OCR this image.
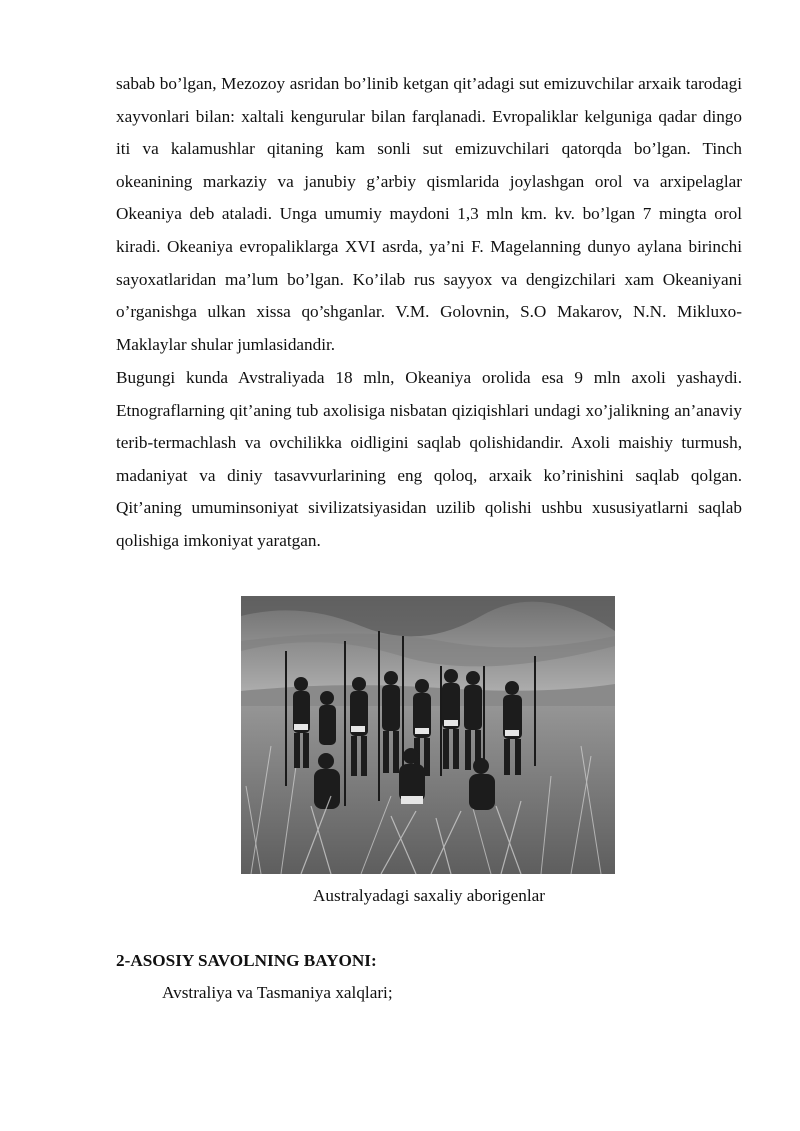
sabab bo’lgan, Mezozoy asridan bo’linib ketgan qit’adagi sut emizuvchilar arxaik tarodagi xayvonlari bilan: xaltali kengurular bilan farqlanadi. Evropaliklar kelguniga qadar dingo iti va kalamushlar qitaning kam sonli sut emizuvchilari qatorqda bo’lgan. Tinch okeanining markaziy va janubiy g’arbiy qismlarida joylashgan orol va arxipelaglar Okeaniya deb ataladi. Unga umumiy maydoni 1,3 mln km. kv. bo’lgan 7 mingta orol kiradi. Okeaniya evropaliklarga XVI asrda, ya’ni F. Magelanning dunyo aylana birinchi sayoxatlaridan ma’lum bo’lgan. Ko’ilab rus sayyox va dengizchilari xam Okeaniyani o’rganishga ulkan xissa qo’shganlar. V.M. Golovnin, S.O Makarov, N.N. Mikluxo-Maklaylar shular jumlasidandir.

Bugungi kunda Avstraliyada 18 mln, Okeaniya orolida esa 9 mln axoli yashaydi. Etnograflarning qit’aning tub axolisiga nisbatan qiziqishlari undagi xo’jalikning an’anaviy terib-termachlash va ovchilikka oidligini saqlab qolishidandir. Axoli maishiy turmush, madaniyat va diniy tasavvurlarining eng qoloq, arxaik ko’rinishini saqlab qolgan. Qit’aning umuminsoniyat sivilizatsiyasidan uzilib qolishi ushbu xususiyatlarni saqlab qolishiga imkoniyat yaratgan.

Australyadagi saxaliy aborigenlar

2-ASOSIY SAVOLNING BAYONI:

Avstraliya va Tasmaniya xalqlari;
